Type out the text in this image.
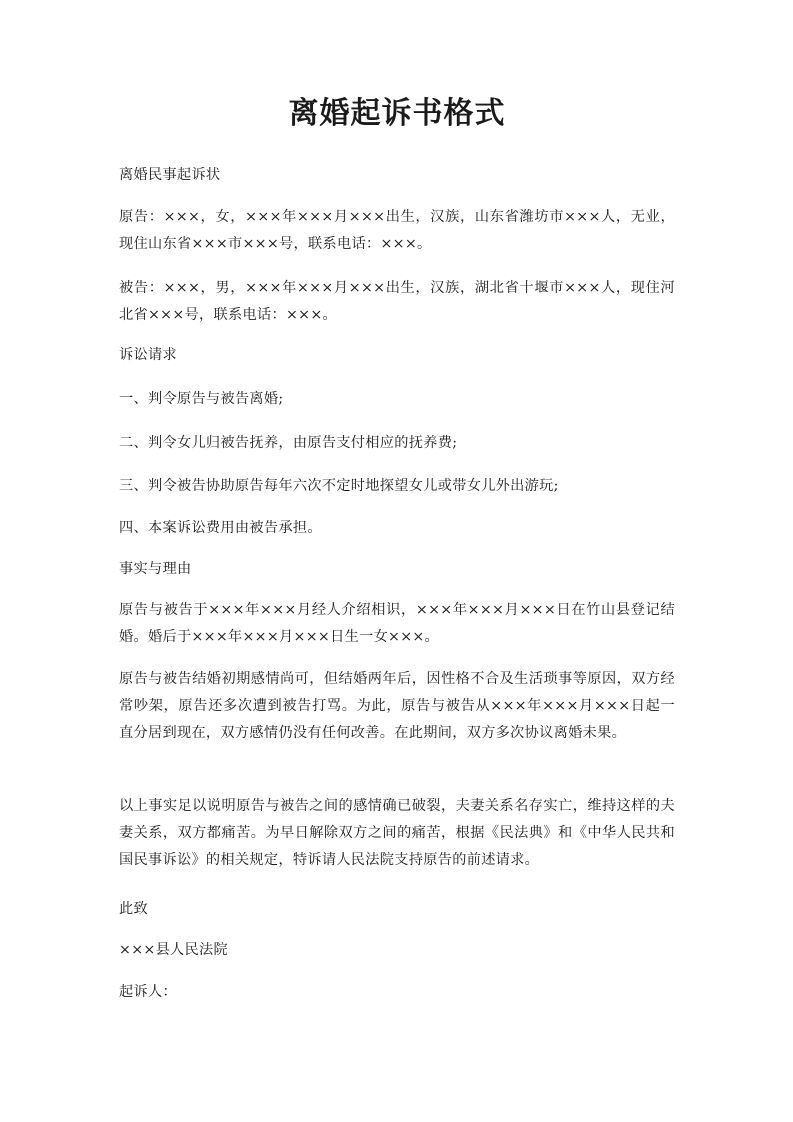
离婚起诉书格式

离婚民事起诉状

原告：×××，女，×××年×××月×××出生，汉族，山东省潍坊市×××人，无业，现住山东省×××市×××号，联系电话：×××。

被告：×××，男，×××年×××月×××出生，汉族，湖北省十堰市×××人，现住河北省×××号，联系电话：×××。

诉讼请求

一、判令原告与被告离婚;

二、判令女儿归被告抚养，由原告支付相应的抚养费;

三、判令被告协助原告每年六次不定时地探望女儿或带女儿外出游玩;

四、本案诉讼费用由被告承担。

事实与理由

原告与被告于×××年×××月经人介绍相识，×××年×××月×××日在竹山县登记结婚。婚后于×××年×××月×××日生一女×××。

原告与被告结婚初期感情尚可，但结婚两年后，因性格不合及生活琐事等原因，双方经常吵架，原告还多次遭到被告打骂。为此，原告与被告从×××年×××月×××日起一直分居到现在，双方感情仍没有任何改善。在此期间，双方多次协议离婚未果。

以上事实足以说明原告与被告之间的感情确已破裂，夫妻关系名存实亡，维持这样的夫妻关系，双方都痛苦。为早日解除双方之间的痛苦，根据《民法典》和《中华人民共和国民事诉讼》的相关规定，特诉请人民法院支持原告的前述请求。

此致

×××县人民法院

起诉人：
